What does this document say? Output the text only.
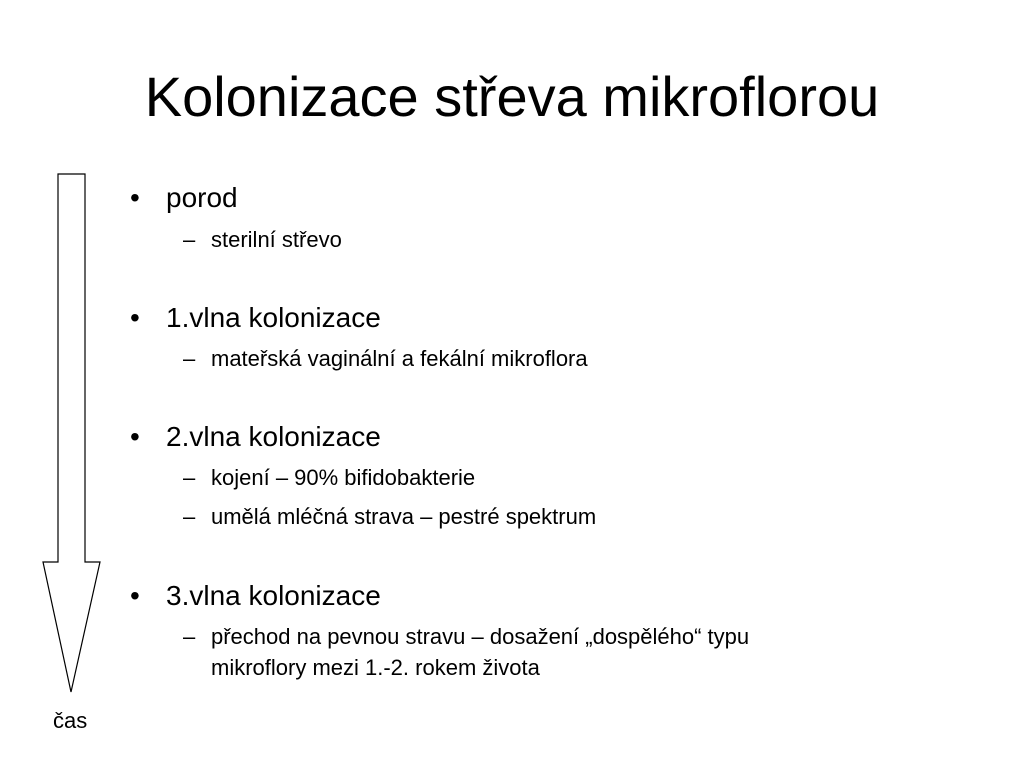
Kolonizace střeva mikroflorou
čas
• porod
– sterilní střevo
• 1.vlna kolonizace
– mateřská vaginální a fekální mikroflora
• 2.vlna kolonizace
– kojení – 90% bifidobakterie
– umělá mléčná strava – pestré spektrum
• 3.vlna kolonizace
– přechod na pevnou stravu – dosažení „dospělého“ typu
mikroflory mezi 1.-2. rokem života
